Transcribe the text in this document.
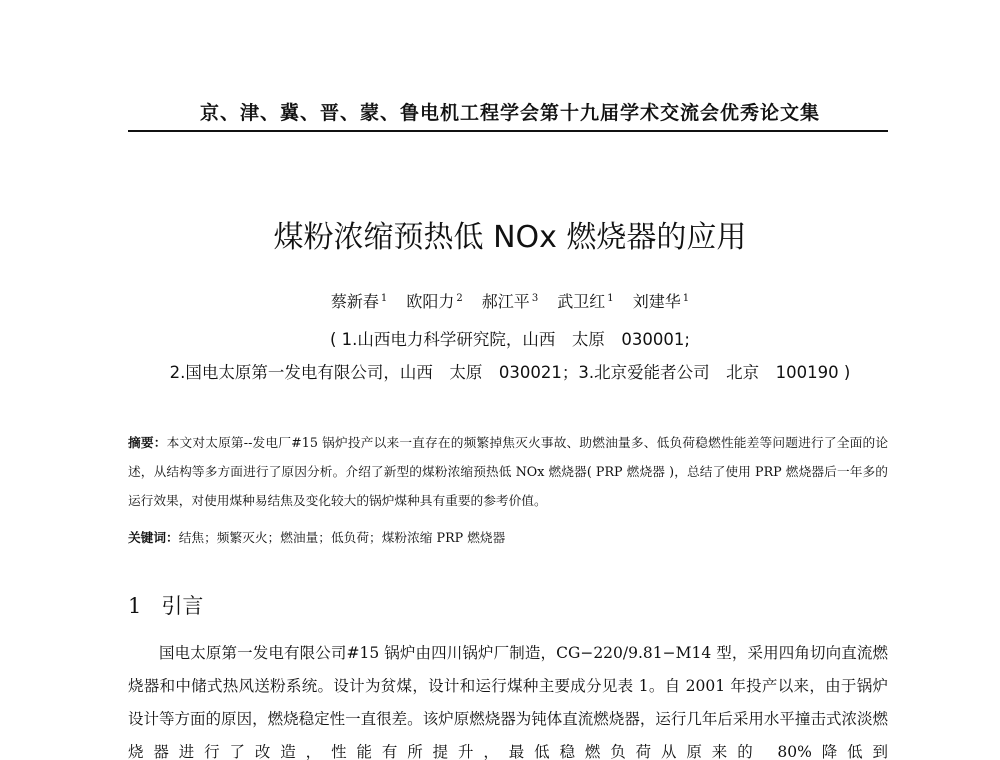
京、津、冀、晋、蒙、鲁电机工程学会第十九届学术交流会优秀论文集
煤粉浓缩预热低 NOx 燃烧器的应用
蔡新春 $^1$ 欧阳力 $^2$ 郝江平 $^3$ 武卫红 $^1$ 刘建华 $^1$
( 1.山西电力科学研究院，山西　太原　030001;
2.国电太原第一发电有限公司，山西　太原　030021；3.北京爱能者公司　北京　100190 )
摘要：本文对太原第--发电厂#15 锅炉投产以来一直存在的频繁掉焦灭火事故、助燃油量多、低负荷稳燃性能差等问题进行了全面的论述，从结构等多方面进行了原因分析。介绍了新型的煤粉浓缩预热低 NOx 燃烧器( PRP 燃烧器 )，总结了使用 PRP 燃烧器后一年多的运行效果，对使用煤种易结焦及变化较大的锅炉煤种具有重要的参考价值。
关键词：结焦；频繁灭火；燃油量；低负荷；煤粉浓缩 PRP 燃烧器
1 引言
国电太原第一发电有限公司#15 锅炉由四川锅炉厂制造，CG−220/9.81−M14 型，采用四角切向直流燃烧器和中储式热风送粉系统。设计为贫煤，设计和运行煤种主要成分见表 1。自 2001 年投产以来，由于锅炉设计等方面的原因，燃烧稳定性一直很差。该炉原燃烧器为钝体直流燃烧器，运行几年后采用水平撞击式浓淡燃烧器进行了改造，性能有所提升，最低稳燃负荷从原来的 80%降低到
